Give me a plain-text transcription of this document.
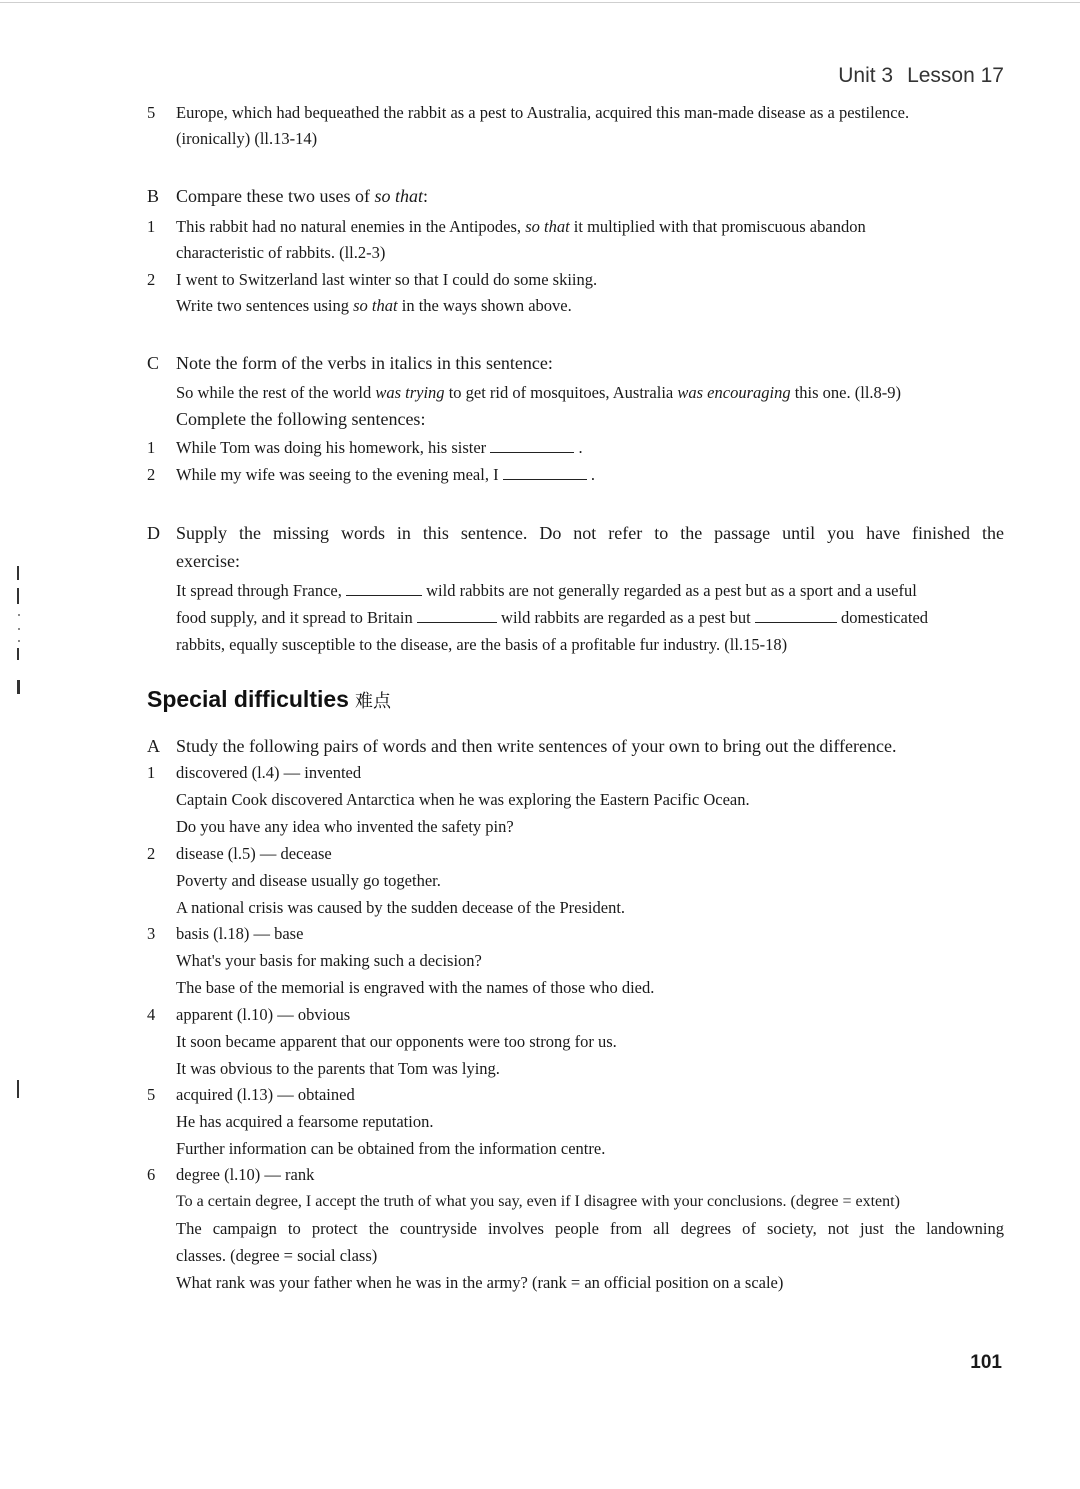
Unit 3 Lesson 17
5	Europe, which had bequeathed the rabbit as a pest to Australia, acquired this man-made disease as a pestilence.
(ironically) (ll.13-14)
B Compare these two uses of so that:
1	This rabbit had no natural enemies in the Antipodes, so that it multiplied with that promiscuous abandon
characteristic of rabbits. (ll.2-3)
2	I went to Switzerland last winter so that I could do some skiing.
Write two sentences using so that in the ways shown above.
C Note the form of the verbs in italics in this sentence:
So while the rest of the world was trying to get rid of mosquitoes, Australia was encouraging this one. (ll.8-9)
Complete the following sentences:
1	While Tom was doing his homework, his sister	.
2	While my wife was seeing to the evening meal, I	.
D Supply the missing words in this sentence. Do not refer to the passage until you have finished the
exercise:
It spread through France,	wild rabbits are not generally regarded as a pest but as a sport and a useful
food supply, and it spread to Britain	wild rabbits are regarded as a pest but	domesticated
rabbits, equally susceptible to the disease, are the basis of a profitable fur industry. (ll.15-18)
Special difficulties 难点
A Study the following pairs of words and then write sentences of your own to bring out the difference.
1	discovered (l.4) — invented
Captain Cook discovered Antarctica when he was exploring the Eastern Pacific Ocean.
Do you have any idea who invented the safety pin?
2	disease (l.5) — decease
Poverty and disease usually go together.
A national crisis was caused by the sudden decease of the President.
3	basis (l.18) — base
What's your basis for making such a decision?
The base of the memorial is engraved with the names of those who died.
4	apparent (l.10) — obvious
It soon became apparent that our opponents were too strong for us.
It was obvious to the parents that Tom was lying.
5	acquired (l.13) — obtained
He has acquired a fearsome reputation.
Further information can be obtained from the information centre.
6	degree (l.10) — rank
To a certain degree, I accept the truth of what you say, even if I disagree with your conclusions. (degree = extent)
The campaign to protect the countryside involves people from all degrees of society, not just the landowning
classes. (degree = social class)
What rank was your father when he was in the army? (rank = an official position on a scale)
101
